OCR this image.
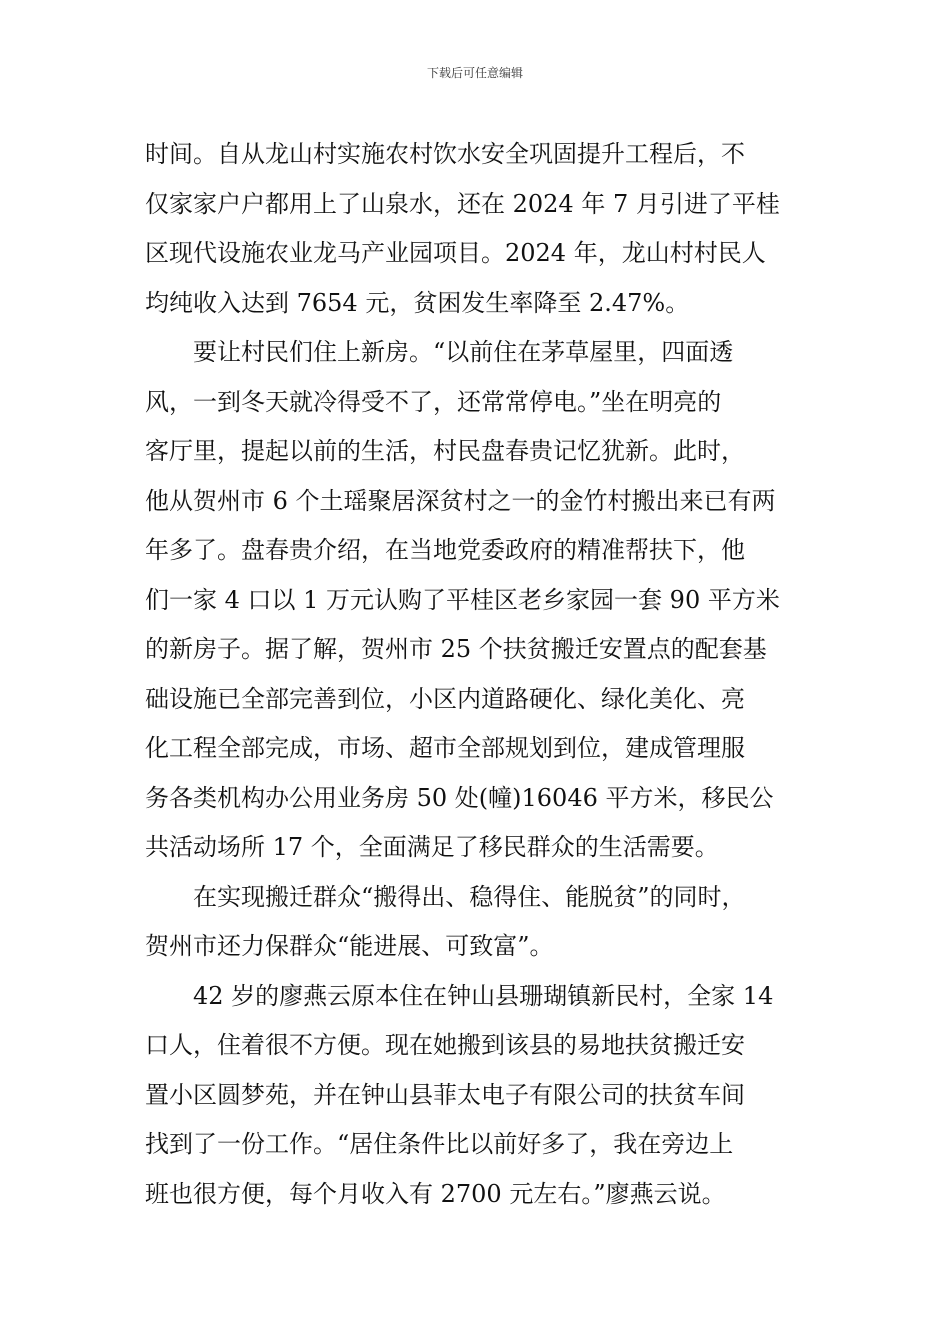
下载后可任意编辑

时间。自从龙山村实施农村饮水安全巩固提升工程后，不
仅家家户户都用上了山泉水，还在 2024 年 7 月引进了平桂
区现代设施农业龙马产业园项目。2024 年，龙山村村民人
均纯收入达到 7654 元，贫困发生率降至 2.47%。

要让村民们住上新房。“以前住在茅草屋里，四面透
风，一到冬天就冷得受不了，还常常停电。”坐在明亮的
客厅里，提起以前的生活，村民盘春贵记忆犹新。此时，
他从贺州市 6 个土瑶聚居深贫村之一的金竹村搬出来已有两
年多了。盘春贵介绍，在当地党委政府的精准帮扶下，他
们一家 4 口以 1 万元认购了平桂区老乡家园一套 90 平方米
的新房子。据了解，贺州市 25 个扶贫搬迁安置点的配套基
础设施已全部完善到位，小区内道路硬化、绿化美化、亮
化工程全部完成，市场、超市全部规划到位，建成管理服
务各类机构办公用业务房 50 处(幢)16046 平方米，移民公
共活动场所 17 个，全面满足了移民群众的生活需要。

在实现搬迁群众“搬得出、稳得住、能脱贫”的同时，
贺州市还力保群众“能进展、可致富”。

42 岁的廖燕云原本住在钟山县珊瑚镇新民村，全家 14
口人，住着很不方便。现在她搬到该县的易地扶贫搬迁安
置小区圆梦苑，并在钟山县菲太电子有限公司的扶贫车间
找到了一份工作。“居住条件比以前好多了，我在旁边上
班也很方便，每个月收入有 2700 元左右。”廖燕云说。
